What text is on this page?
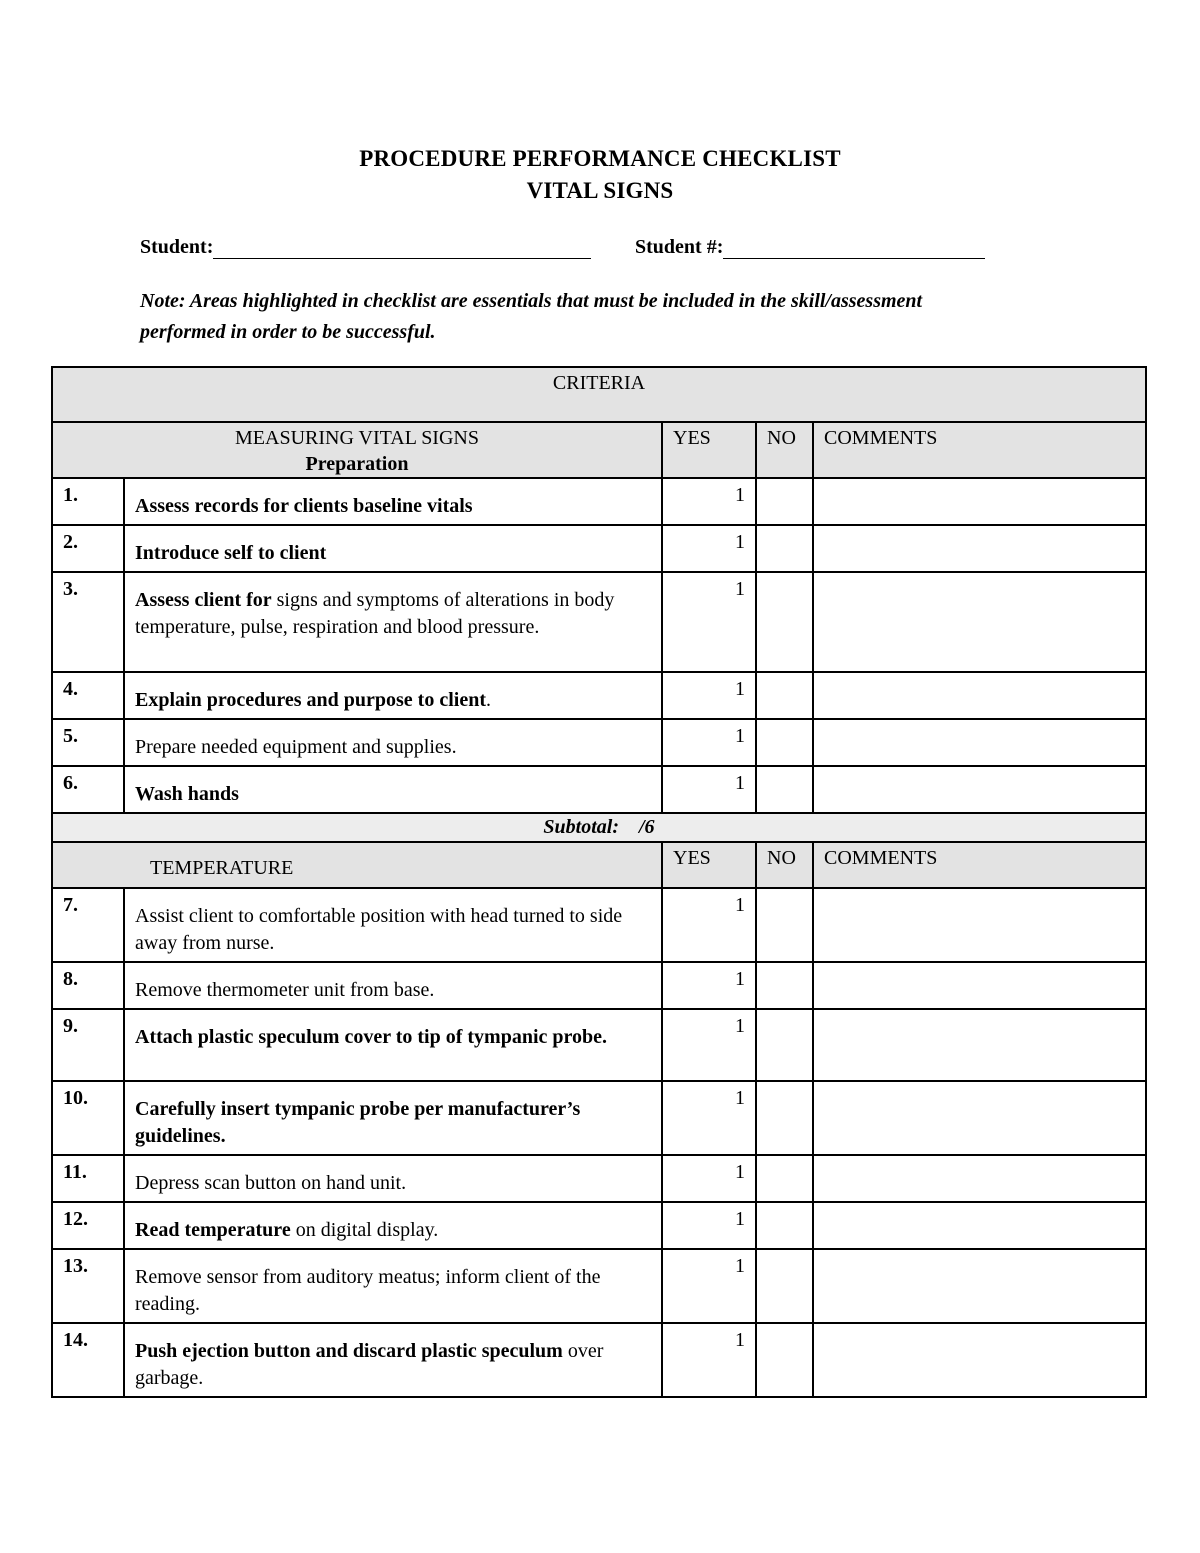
PROCEDURE PERFORMANCE CHECKLIST
VITAL SIGNS
Student:	Student #:
Note: Areas highlighted in checklist are essentials that must be included in the skill/assessment performed in order to be successful.
CRITERIA				

MEASURING VITAL SIGNS
Preparation		YES	NO	COMMENTS
1.	Assess records for clients baseline vitals	1		
2.	Introduce self to client	1		
3.	Assess client for signs and symptoms of alterations in body temperature, pulse, respiration and blood pressure.	1		
4.	Explain procedures and purpose to client.	1		
5.	Prepare needed equipment and supplies.	1		
6.	Wash hands	1		
Subtotal:    /6				
TEMPERATURE		YES	NO	COMMENTS
7.	Assist client to comfortable position with head turned to side away from nurse.	1		
8.	Remove thermometer unit from base.	1		
9.	Attach plastic speculum cover to tip of tympanic probe.	1		
10.	Carefully insert tympanic probe per manufacturer’s guidelines.	1		
11.	Depress scan button on hand unit.	1		
12.	Read temperature on digital display.	1		
13.	Remove sensor from auditory meatus; inform client of the reading.	1		
14.	Push ejection button and discard plastic speculum over garbage.	1		
